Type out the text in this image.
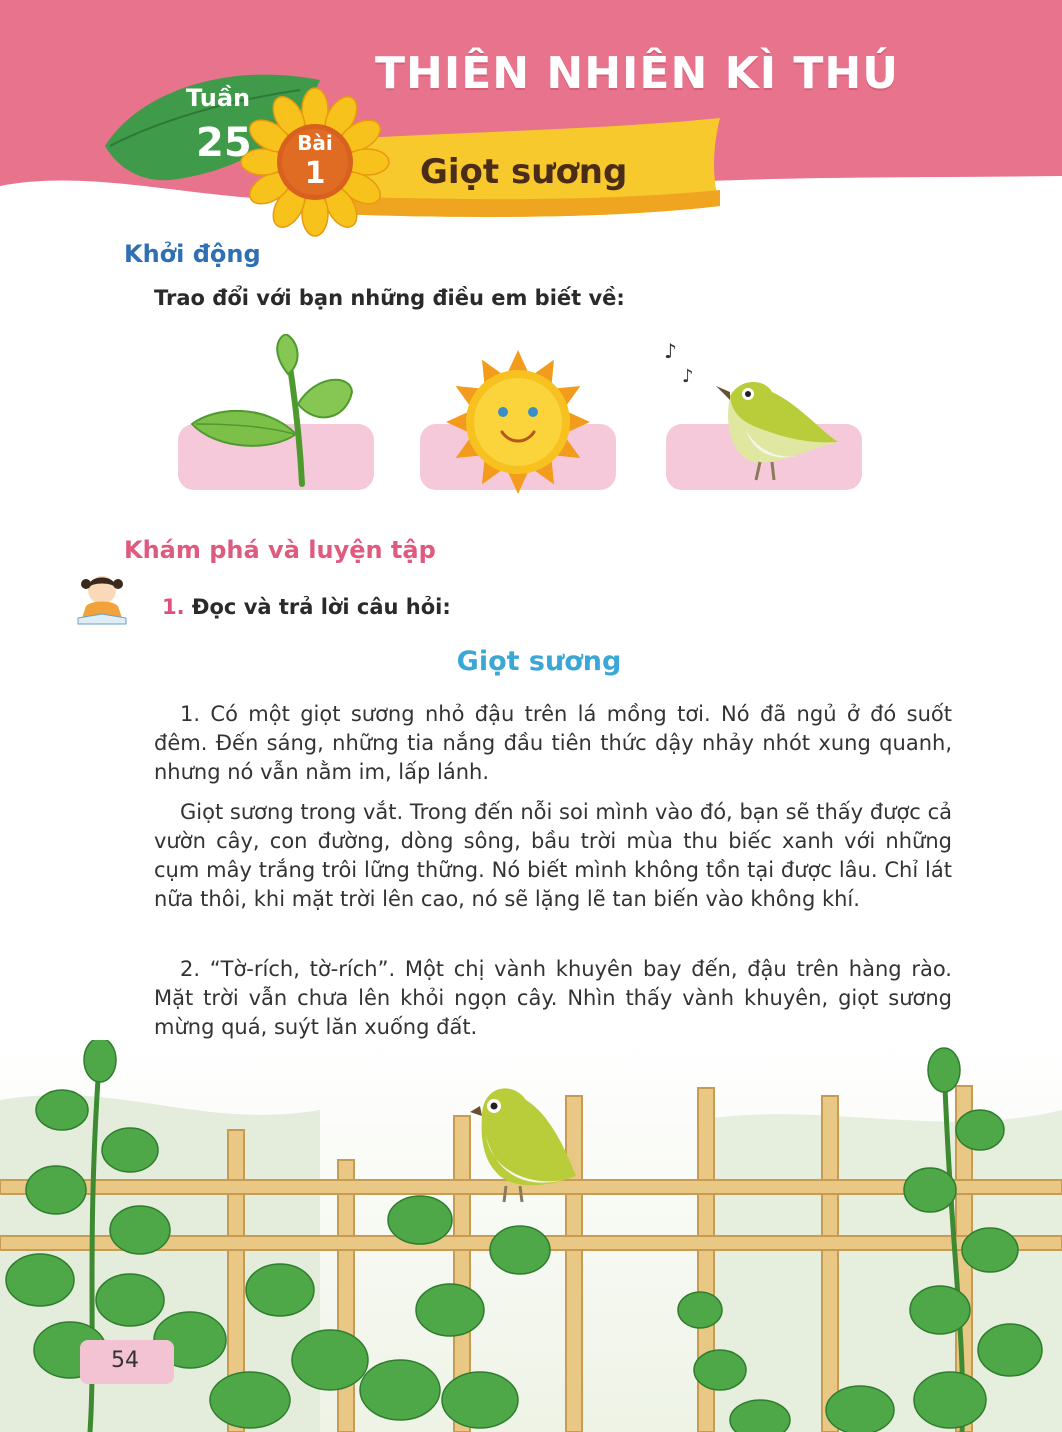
THIÊN NHIÊN KÌ THÚ
Tuần
25 Bài
1	Giọt sương
Khởi động
Trao đổi với bạn những điều em biết về:
♪
♪
Khám phá và luyện tập
1. Đọc và trả lời câu hỏi:
Giọt sương

1. Có một giọt sương nhỏ đậu trên lá mồng tơi. Nó đã ngủ ở đó suốt đêm. Đến sáng, những tia nắng đầu tiên thức dậy nhảy nhót xung quanh, nhưng nó vẫn nằm im, lấp lánh.

Giọt sương trong vắt. Trong đến nỗi soi mình vào đó, bạn sẽ thấy được cả vườn cây, con đường, dòng sông, bầu trời mùa thu biếc xanh với những cụm mây trắng trôi lững thững. Nó biết mình không tồn tại được lâu. Chỉ lát nữa thôi, khi mặt trời lên cao, nó sẽ lặng lẽ tan biến vào không khí.

2. “Tờ-rích, tờ-rích”. Một chị vành khuyên bay đến, đậu trên hàng rào. Mặt trời vẫn chưa lên khỏi ngọn cây. Nhìn thấy vành khuyên, giọt sương mừng quá, suýt lăn xuống đất.

54
